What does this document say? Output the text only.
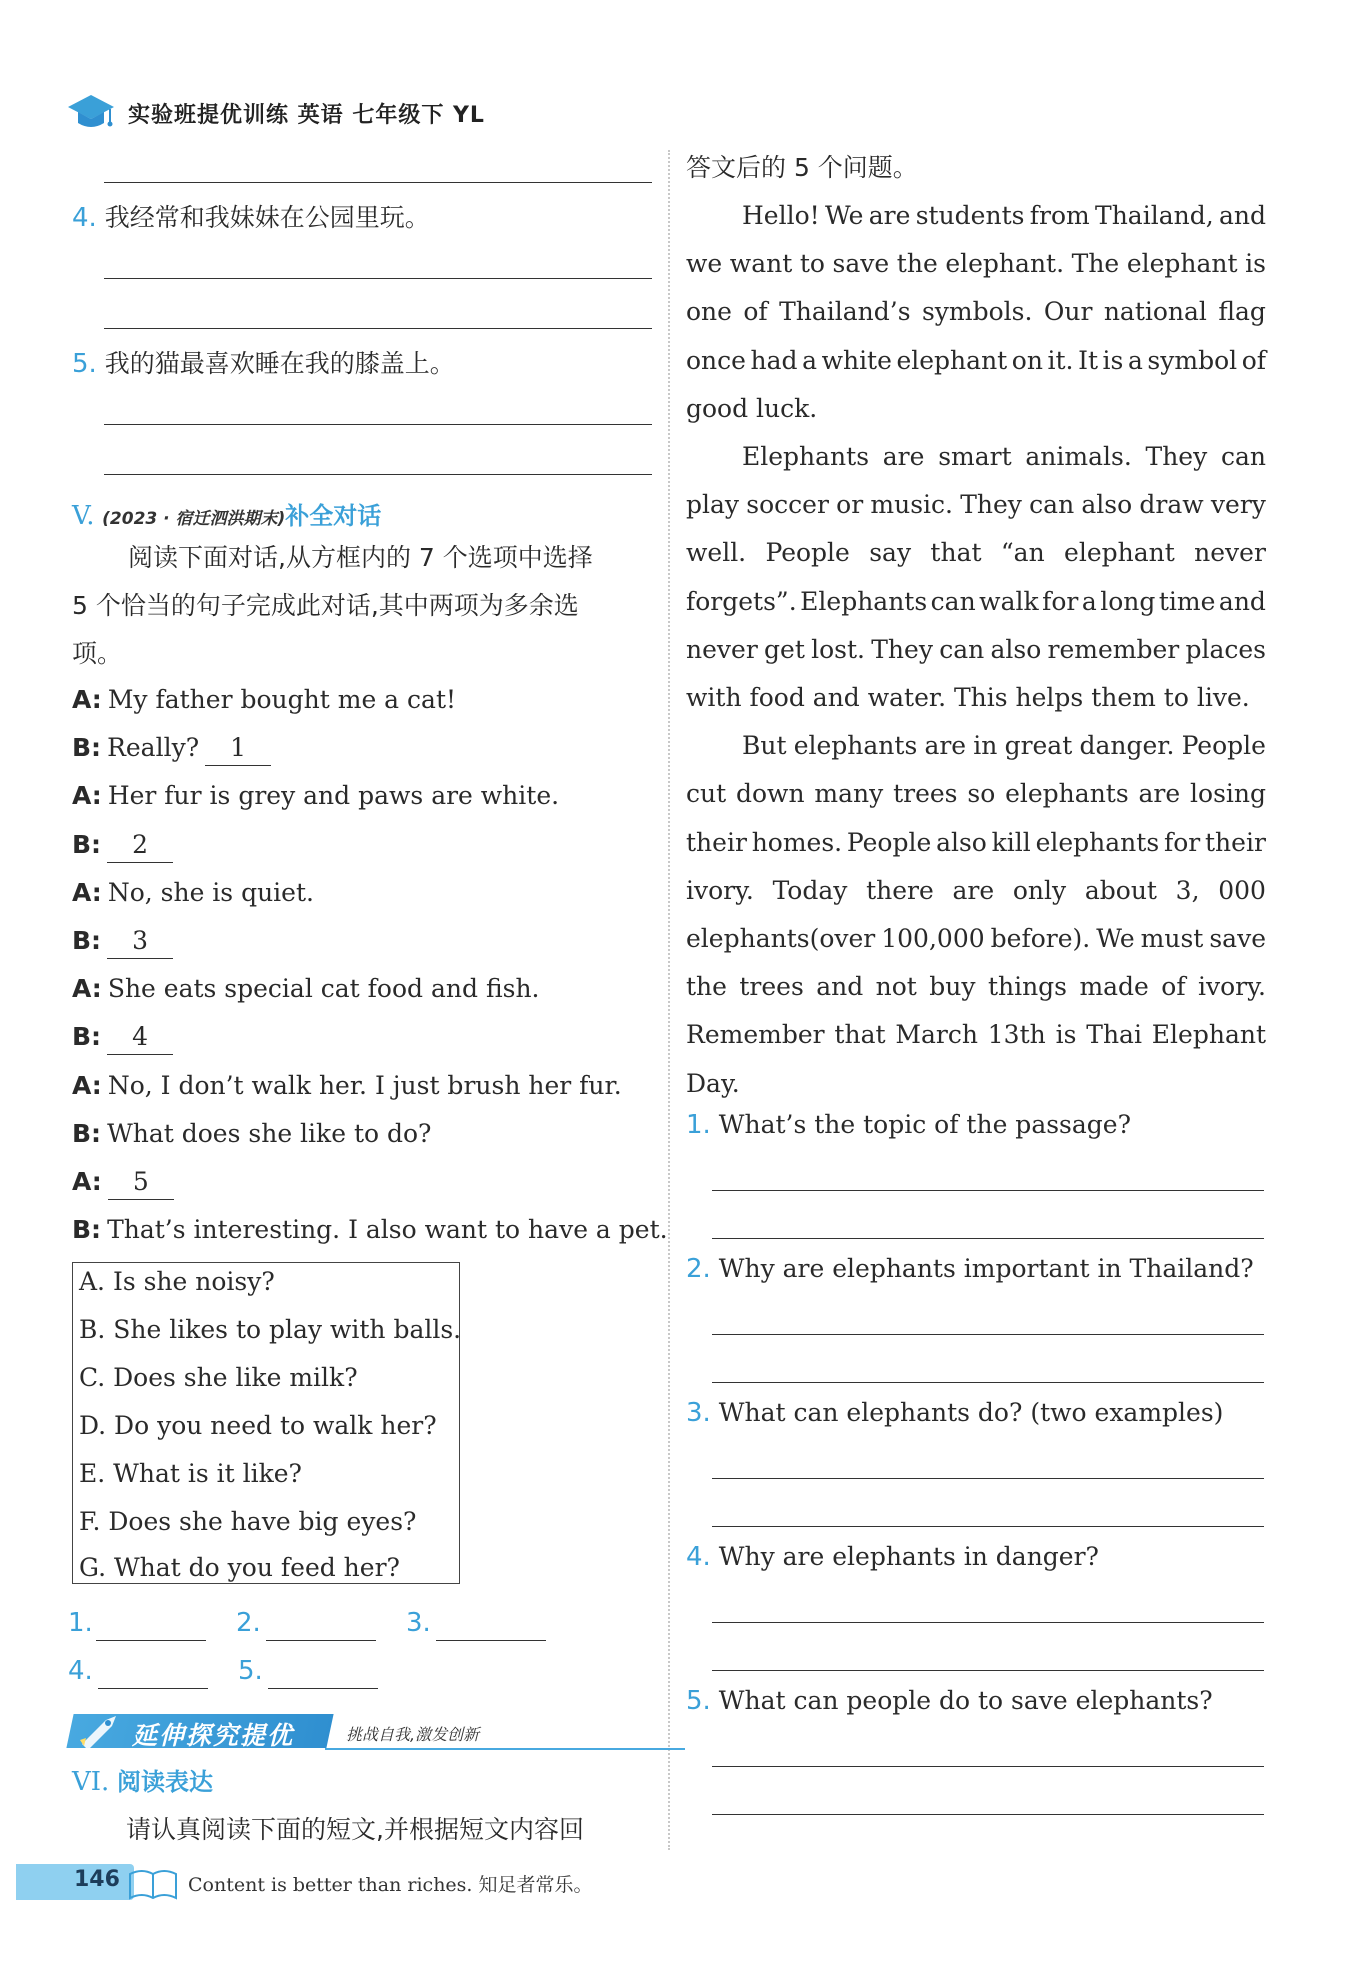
实验班提优训练 英语 七年级下 YL
4. 我经常和我妹妹在公园里玩。
5. 我的猫最喜欢睡在我的膝盖上。
V. (2023 · 宿迁泗洪期末)补全对话
阅读下面对话,从方框内的 7 个选项中选择
5 个恰当的句子完成此对话,其中两项为多余选
项。
A: My father bought me a cat!
B: Really? 1
A: Her fur is grey and paws are white.
B: 2
A: No, she is quiet.
B: 3
A: She eats special cat food and fish.
B: 4
A: No, I don’t walk her. I just brush her fur.
B: What does she like to do?
A: 5
B: That’s interesting. I also want to have a pet.
A. Is she noisy?
B. She likes to play with balls.
C. Does she like milk?
D. Do you need to walk her?
E. What is it like?
F. Does she have big eyes?
G. What do you feed her?
1.	2.	3.
4.	5.
延伸探究提优	挑战自我,激发创新
VI. 阅读表达
请认真阅读下面的短文,并根据短文内容回
答文后的 5 个问题。
Hello! We are students from Thailand, and
we want to save the elephant. The elephant is
one of Thailand’s symbols. Our national flag
once had a white elephant on it. It is a symbol of
good luck.
Elephants are smart animals. They can
play soccer or music. They can also draw very
well. People say that “an elephant never
forgets”. Elephants can walk for a long time and
never get lost. They can also remember places
with food and water. This helps them to live.
But elephants are in great danger. People
cut down many trees so elephants are losing
their homes. People also kill elephants for their
ivory. Today there are only about 3, 000
elephants(over 100,000 before). We must save
the trees and not buy things made of ivory.
Remember that March 13th is Thai Elephant
Day.
1. What’s the topic of the passage?
2. Why are elephants important in Thailand?
3. What can elephants do? (two examples)
4. Why are elephants in danger?
5. What can people do to save elephants?
146	Content is better than riches. 知足者常乐。
